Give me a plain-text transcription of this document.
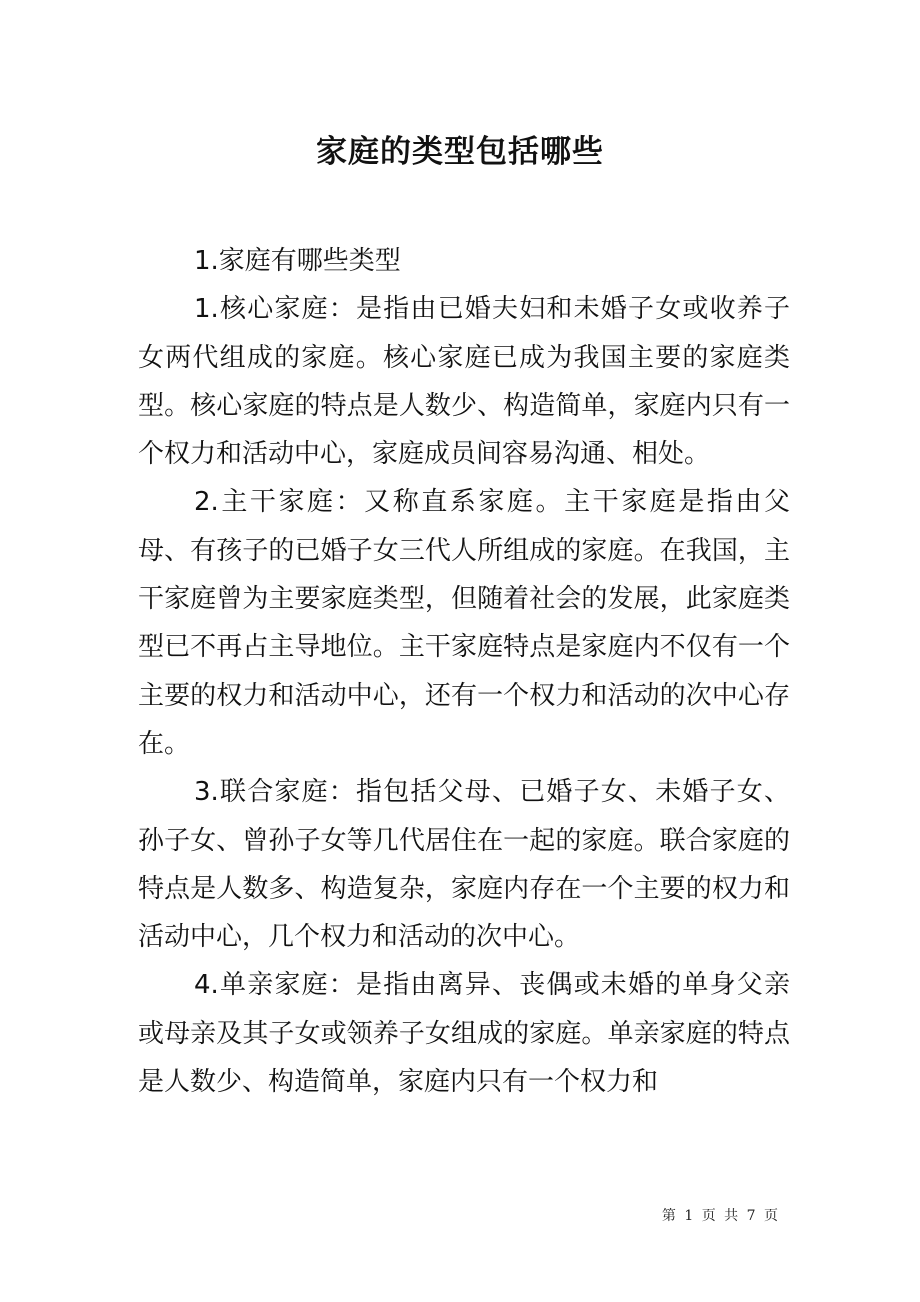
家庭的类型包括哪些

1.家庭有哪些类型

1.核心家庭：是指由已婚夫妇和未婚子女或收养子女两代组成的家庭。核心家庭已成为我国主要的家庭类型。核心家庭的特点是人数少、构造简单，家庭内只有一个权力和活动中心，家庭成员间容易沟通、相处。

2.主干家庭：又称直系家庭。主干家庭是指由父母、有孩子的已婚子女三代人所组成的家庭。在我国，主干家庭曾为主要家庭类型，但随着社会的发展，此家庭类型已不再占主导地位。主干家庭特点是家庭内不仅有一个主要的权力和活动中心，还有一个权力和活动的次中心存在。

3.联合家庭：指包括父母、已婚子女、未婚子女、孙子女、曾孙子女等几代居住在一起的家庭。联合家庭的特点是人数多、构造复杂，家庭内存在一个主要的权力和活动中心，几个权力和活动的次中心。

4.单亲家庭：是指由离异、丧偶或未婚的单身父亲或母亲及其子女或领养子女组成的家庭。单亲家庭的特点是人数少、构造简单，家庭内只有一个权力和

第 1 页 共 7 页
